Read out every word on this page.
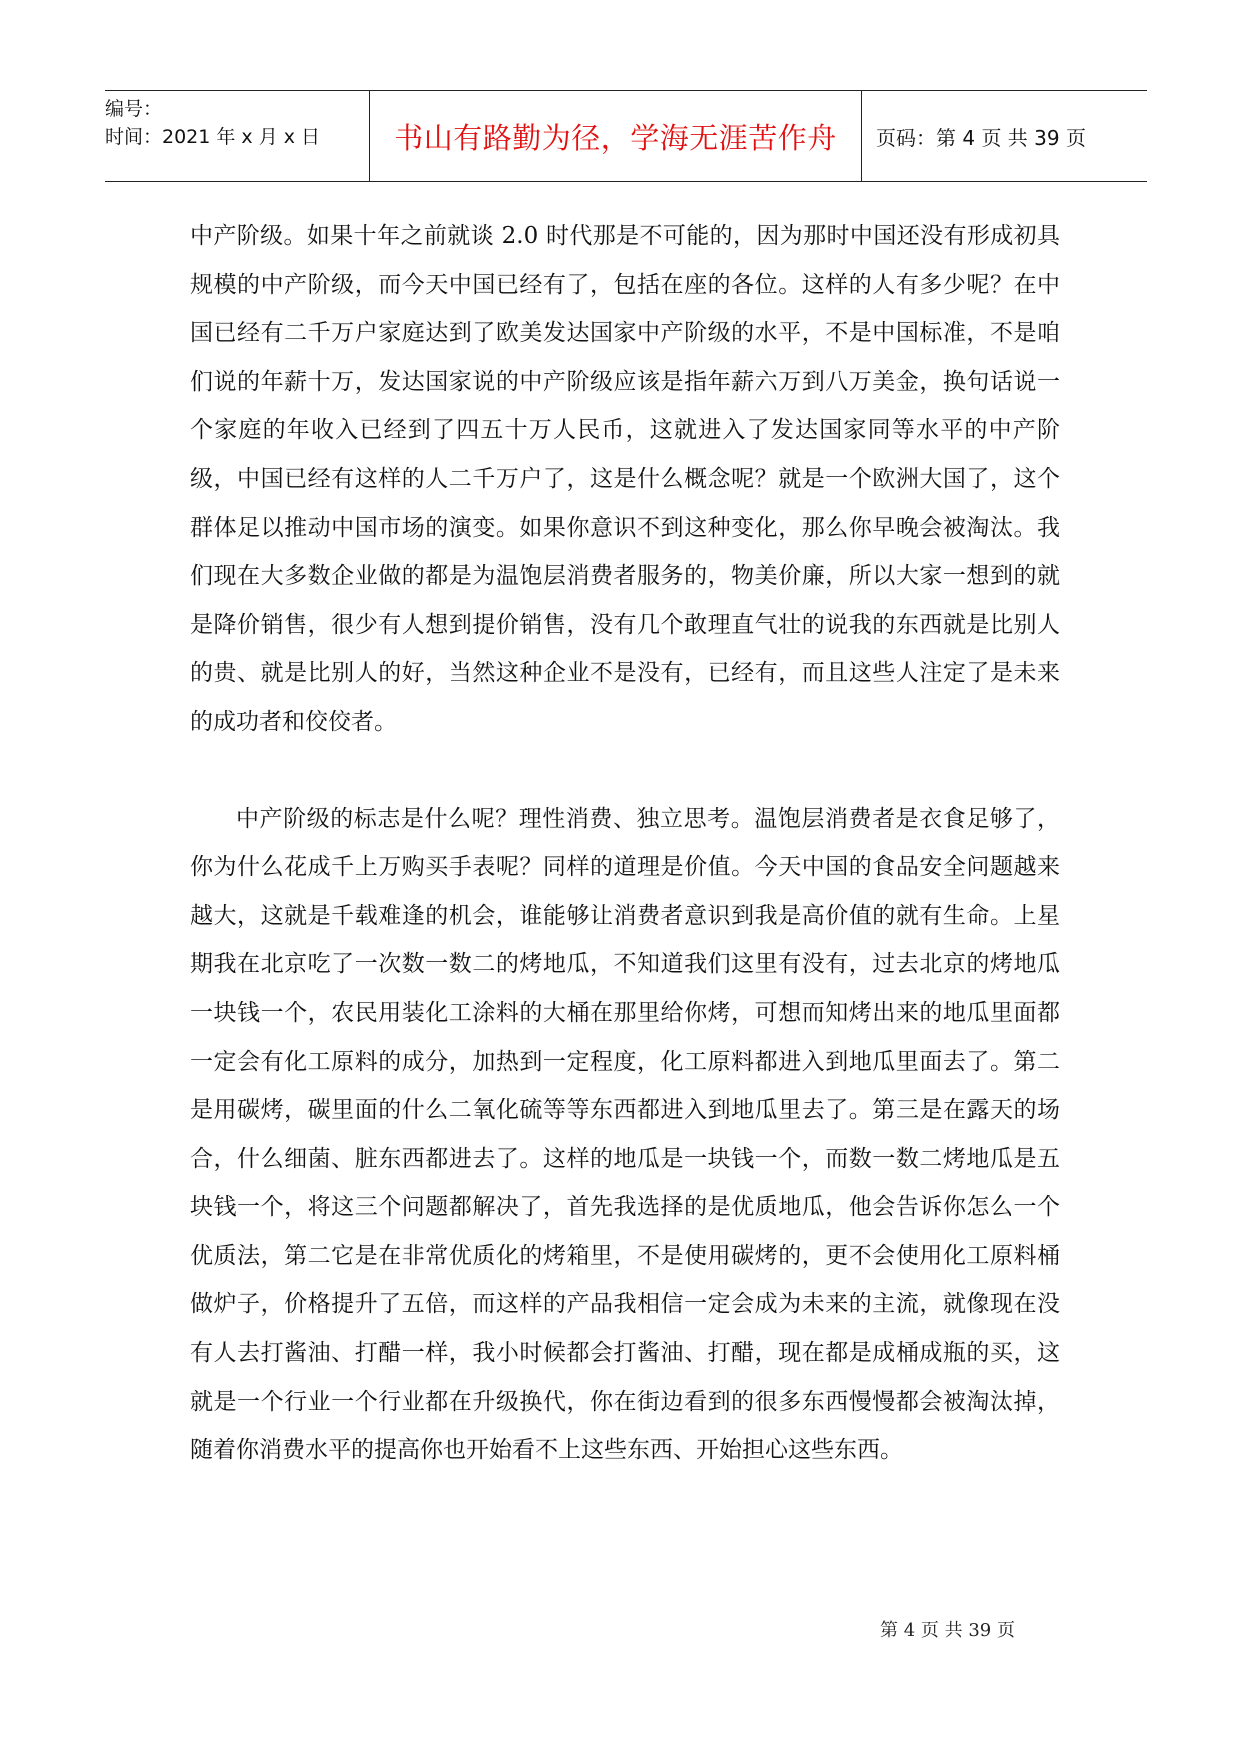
编号：
时间：2021 年 x 月 x 日	书山有路勤为径，学海无涯苦作舟 页码：第 4 页 共 39 页

中产阶级。如果十年之前就谈 2.0 时代那是不可能的，因为那时中国还没有形成初具规模的中产阶级，而今天中国已经有了，包括在座的各位。这样的人有多少呢？在中国已经有二千万户家庭达到了欧美发达国家中产阶级的水平，不是中国标准，不是咱们说的年薪十万，发达国家说的中产阶级应该是指年薪六万到八万美金，换句话说一个家庭的年收入已经到了四五十万人民币，这就进入了发达国家同等水平的中产阶级，中国已经有这样的人二千万户了，这是什么概念呢？就是一个欧洲大国了，这个群体足以推动中国市场的演变。如果你意识不到这种变化，那么你早晚会被淘汰。我们现在大多数企业做的都是为温饱层消费者服务的，物美价廉，所以大家一想到的就是降价销售，很少有人想到提价销售，没有几个敢理直气壮的说我的东西就是比别人的贵、就是比别人的好，当然这种企业不是没有，已经有，而且这些人注定了是未来的成功者和佼佼者。

中产阶级的标志是什么呢？理性消费、独立思考。温饱层消费者是衣食足够了，你为什么花成千上万购买手表呢？同样的道理是价值。今天中国的食品安全问题越来越大，这就是千载难逢的机会，谁能够让消费者意识到我是高价值的就有生命。上星期我在北京吃了一次数一数二的烤地瓜，不知道我们这里有没有，过去北京的烤地瓜一块钱一个，农民用装化工涂料的大桶在那里给你烤，可想而知烤出来的地瓜里面都一定会有化工原料的成分，加热到一定程度，化工原料都进入到地瓜里面去了。第二是用碳烤，碳里面的什么二氧化硫等等东西都进入到地瓜里去了。第三是在露天的场合，什么细菌、脏东西都进去了。这样的地瓜是一块钱一个，而数一数二烤地瓜是五块钱一个，将这三个问题都解决了，首先我选择的是优质地瓜，他会告诉你怎么一个优质法，第二它是在非常优质化的烤箱里，不是使用碳烤的，更不会使用化工原料桶做炉子，价格提升了五倍，而这样的产品我相信一定会成为未来的主流，就像现在没有人去打酱油、打醋一样，我小时候都会打酱油、打醋，现在都是成桶成瓶的买，这就是一个行业一个行业都在升级换代，你在街边看到的很多东西慢慢都会被淘汰掉，随着你消费水平的提高你也开始看不上这些东西、开始担心这些东西。

第 4 页 共 39 页
